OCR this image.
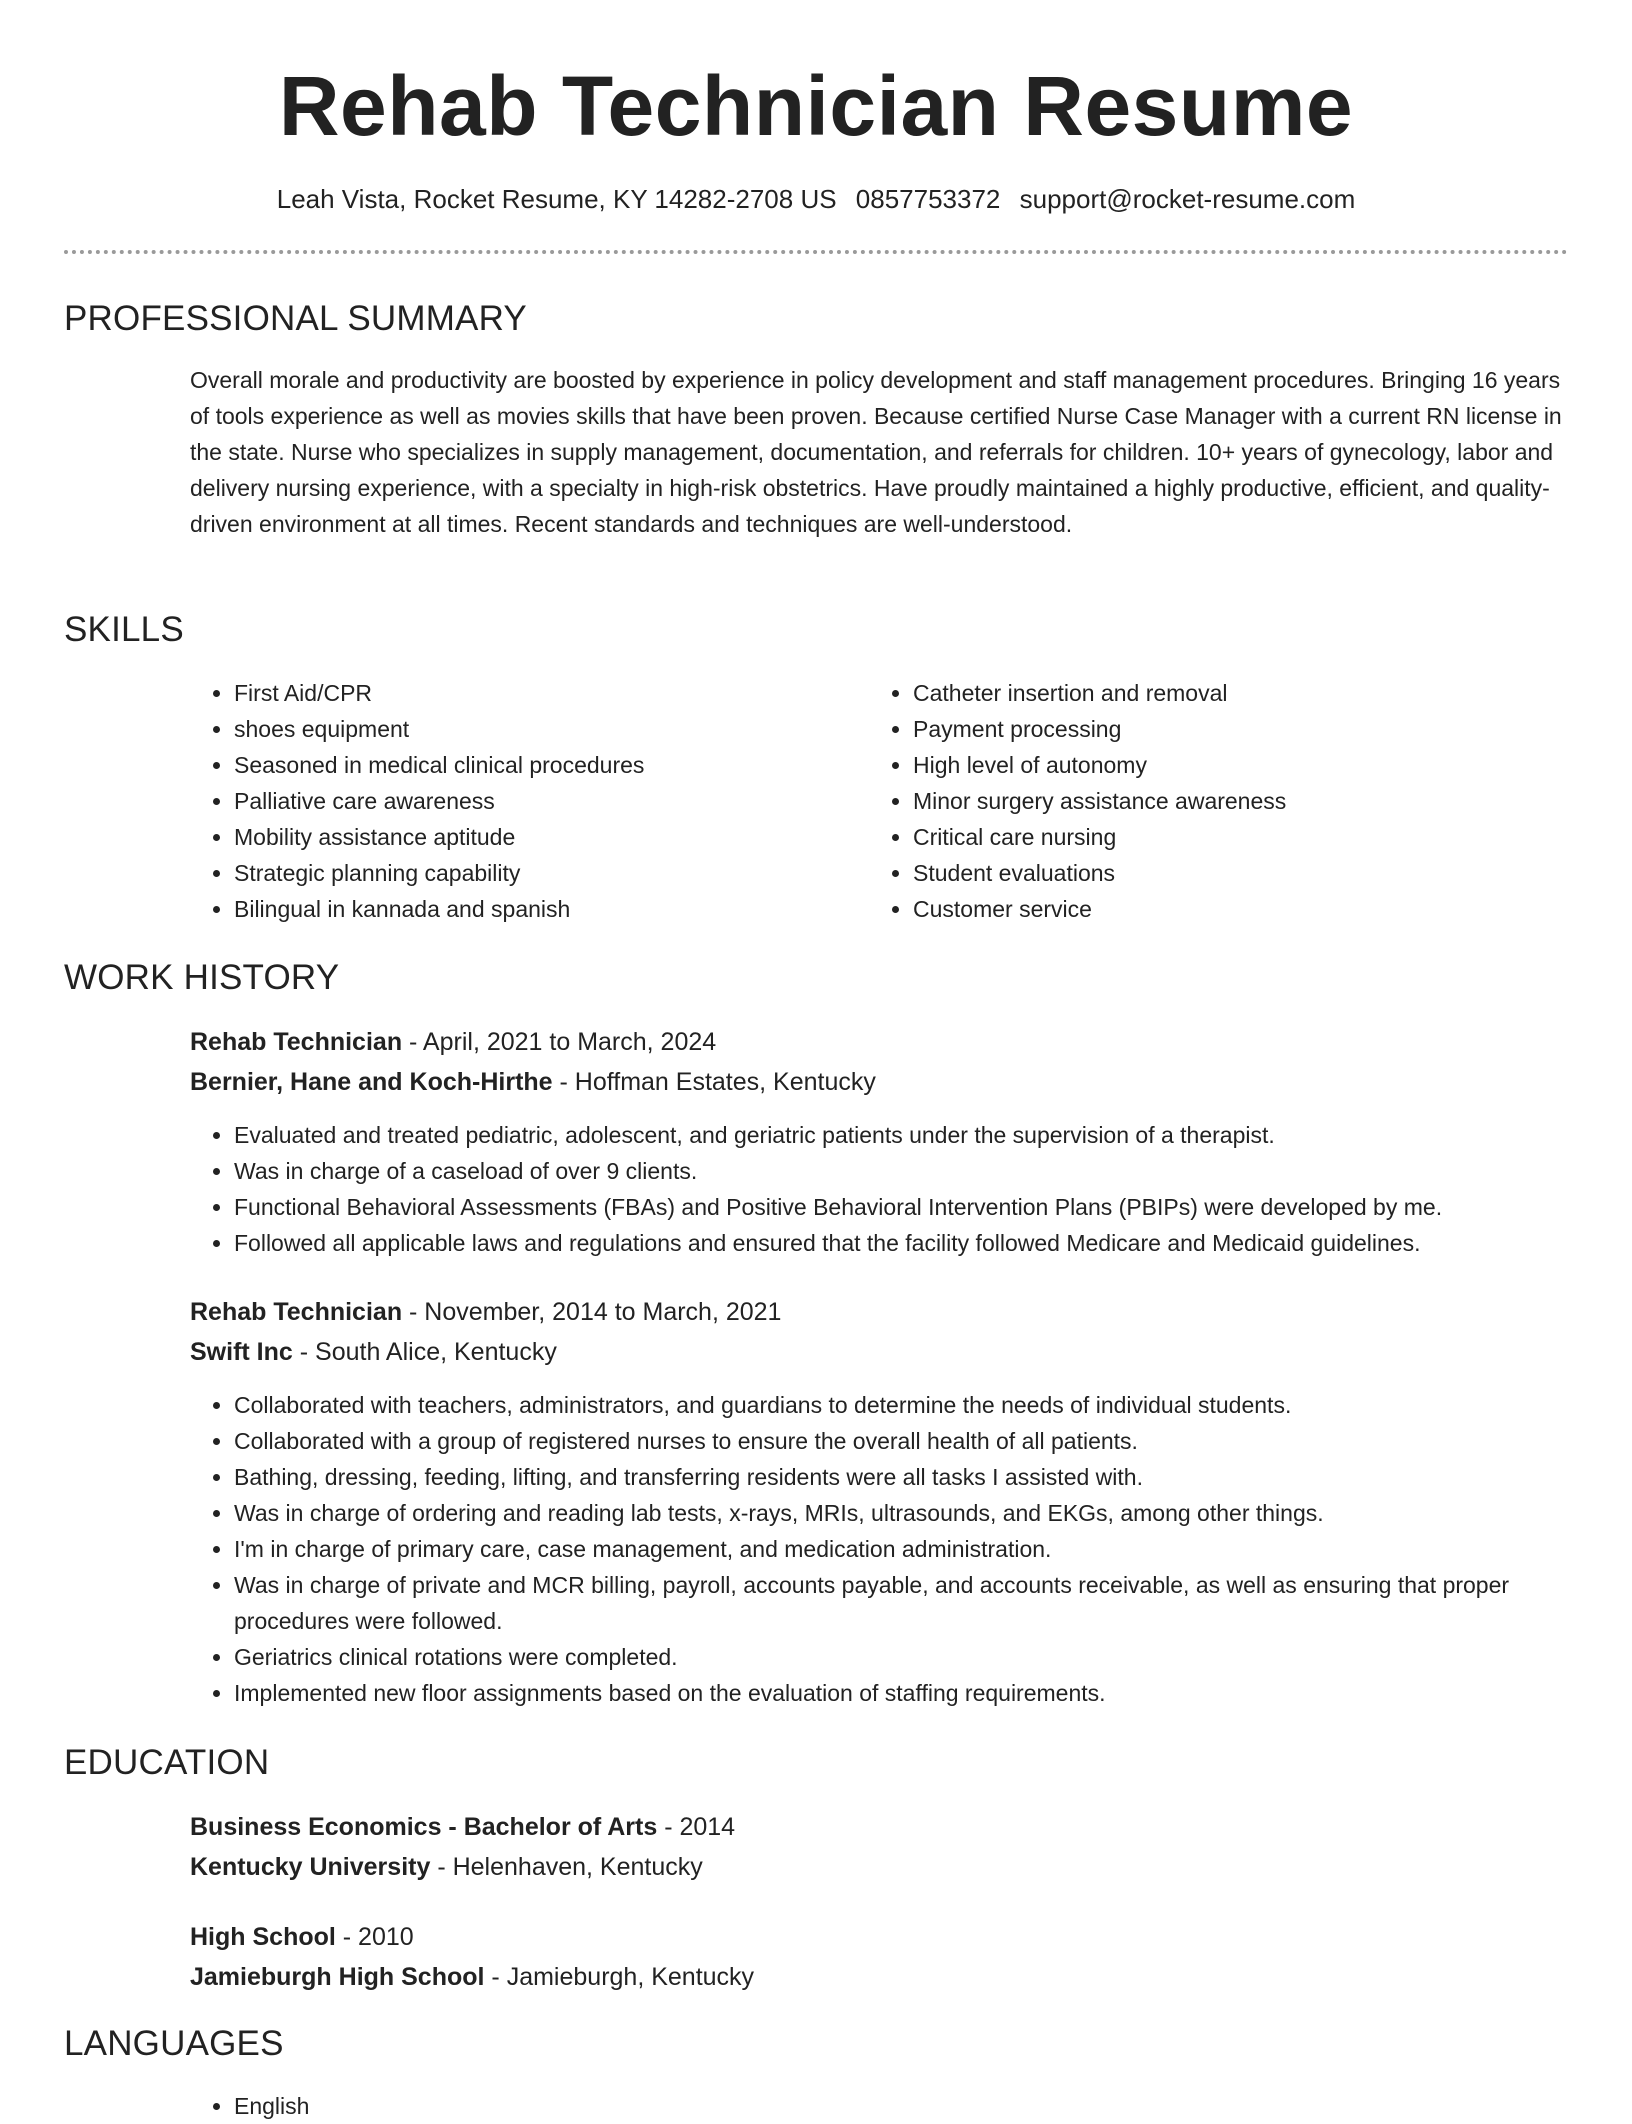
Rehab Technician Resume
Leah Vista, Rocket Resume, KY 14282-2708 US 0857753372 support@rocket-resume.com
PROFESSIONAL SUMMARY

Overall morale and productivity are boosted by experience in policy development and staff management procedures. Bringing 16 years of tools experience as well as movies skills that have been proven. Because certified Nurse Case Manager with a current RN license in the state. Nurse who specializes in supply management, documentation, and referrals for children. 10+ years of gynecology, labor and delivery nursing experience, with a specialty in high-risk obstetrics. Have proudly maintained a highly productive, efficient, and quality-driven environment at all times. Recent standards and techniques are well-understood.

SKILLS
• First Aid/CPR
• shoes equipment
• Seasoned in medical clinical procedures
• Palliative care awareness
• Mobility assistance aptitude
• Strategic planning capability
• Bilingual in kannada and spanish
• Catheter insertion and removal
• Payment processing
• High level of autonomy
• Minor surgery assistance awareness
• Critical care nursing
• Student evaluations
• Customer service
WORK HISTORY

Rehab Technician - April, 2021 to March, 2024

Bernier, Hane and Koch-Hirthe - Hoffman Estates, Kentucky

• Evaluated and treated pediatric, adolescent, and geriatric patients under the supervision of a therapist.
• Was in charge of a caseload of over 9 clients.
• Functional Behavioral Assessments (FBAs) and Positive Behavioral Intervention Plans (PBIPs) were developed by me.
• Followed all applicable laws and regulations and ensured that the facility followed Medicare and Medicaid guidelines.

Rehab Technician - November, 2014 to March, 2021

Swift Inc - South Alice, Kentucky

• Collaborated with teachers, administrators, and guardians to determine the needs of individual students.
• Collaborated with a group of registered nurses to ensure the overall health of all patients.
• Bathing, dressing, feeding, lifting, and transferring residents were all tasks I assisted with.
• Was in charge of ordering and reading lab tests, x-rays, MRIs, ultrasounds, and EKGs, among other things.
• I'm in charge of primary care, case management, and medication administration.
• Was in charge of private and MCR billing, payroll, accounts payable, and accounts receivable, as well as ensuring that proper procedures were followed.
• Geriatrics clinical rotations were completed.
• Implemented new floor assignments based on the evaluation of staffing requirements.
EDUCATION

Business Economics - Bachelor of Arts - 2014

Kentucky University - Helenhaven, Kentucky

High School - 2010

Jamieburgh High School - Jamieburgh, Kentucky

LANGUAGES
• English
